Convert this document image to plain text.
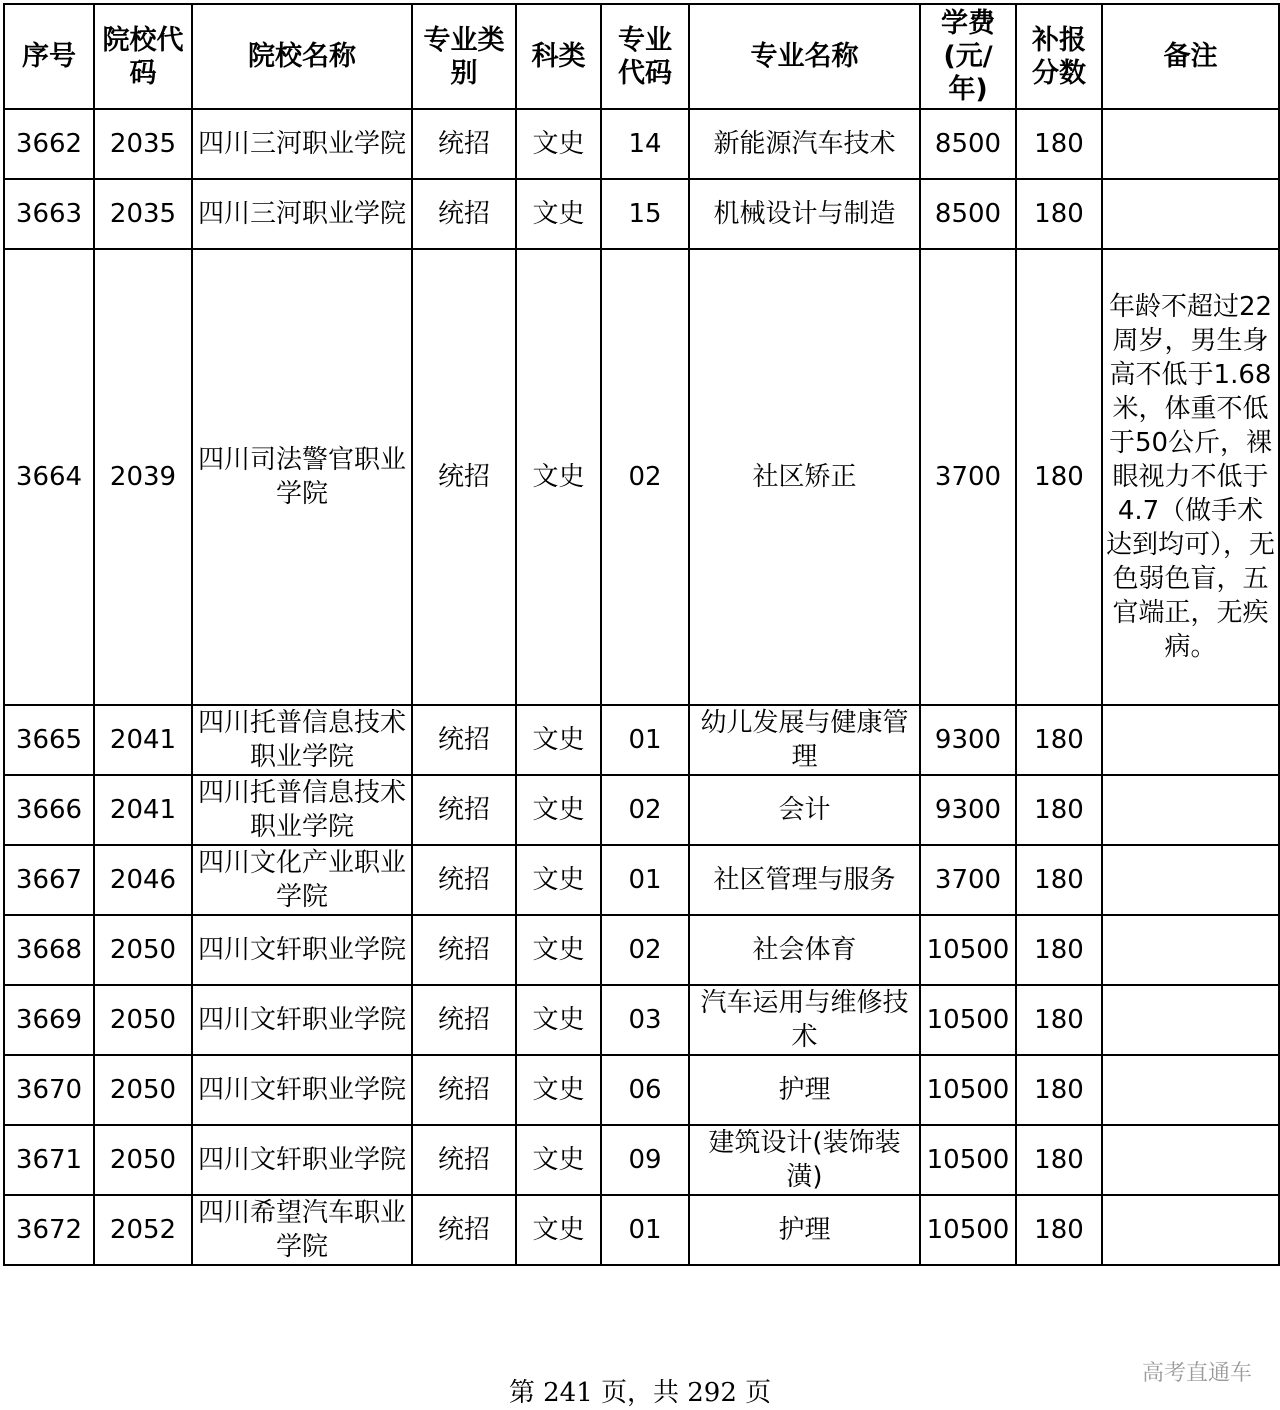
序号	院校代码	院校名称	专业类别	科类	专业代码	专业名称	学费(元/年)	补报分数	备注
3662	2035	四川三河职业学院	统招	文史	14	新能源汽车技术	8500	180	
3663	2035	四川三河职业学院	统招	文史	15	机械设计与制造	8500	180	
3664	2039	四川司法警官职业学院	统招	文史	02	社区矫正	3700	180	年龄不超过22周岁，男生身高不低于1.68米，体重不低于50公斤，裸眼视力不低于4.7（做手术达到均可），无色弱色盲，五官端正，无疾病。
3665	2041	四川托普信息技术职业学院	统招	文史	01	幼儿发展与健康管理	9300	180	
3666	2041	四川托普信息技术职业学院	统招	文史	02	会计	9300	180	
3667	2046	四川文化产业职业学院	统招	文史	01	社区管理与服务	3700	180	
3668	2050	四川文轩职业学院	统招	文史	02	社会体育	10500	180	
3669	2050	四川文轩职业学院	统招	文史	03	汽车运用与维修技术	10500	180	
3670	2050	四川文轩职业学院	统招	文史	06	护理	10500	180	
3671	2050	四川文轩职业学院	统招	文史	09	建筑设计(装饰装潢)	10500	180	
3672	2052	四川希望汽车职业学院	统招	文史	01	护理	10500	180	
第 241 页，共 292 页
高考直通车
